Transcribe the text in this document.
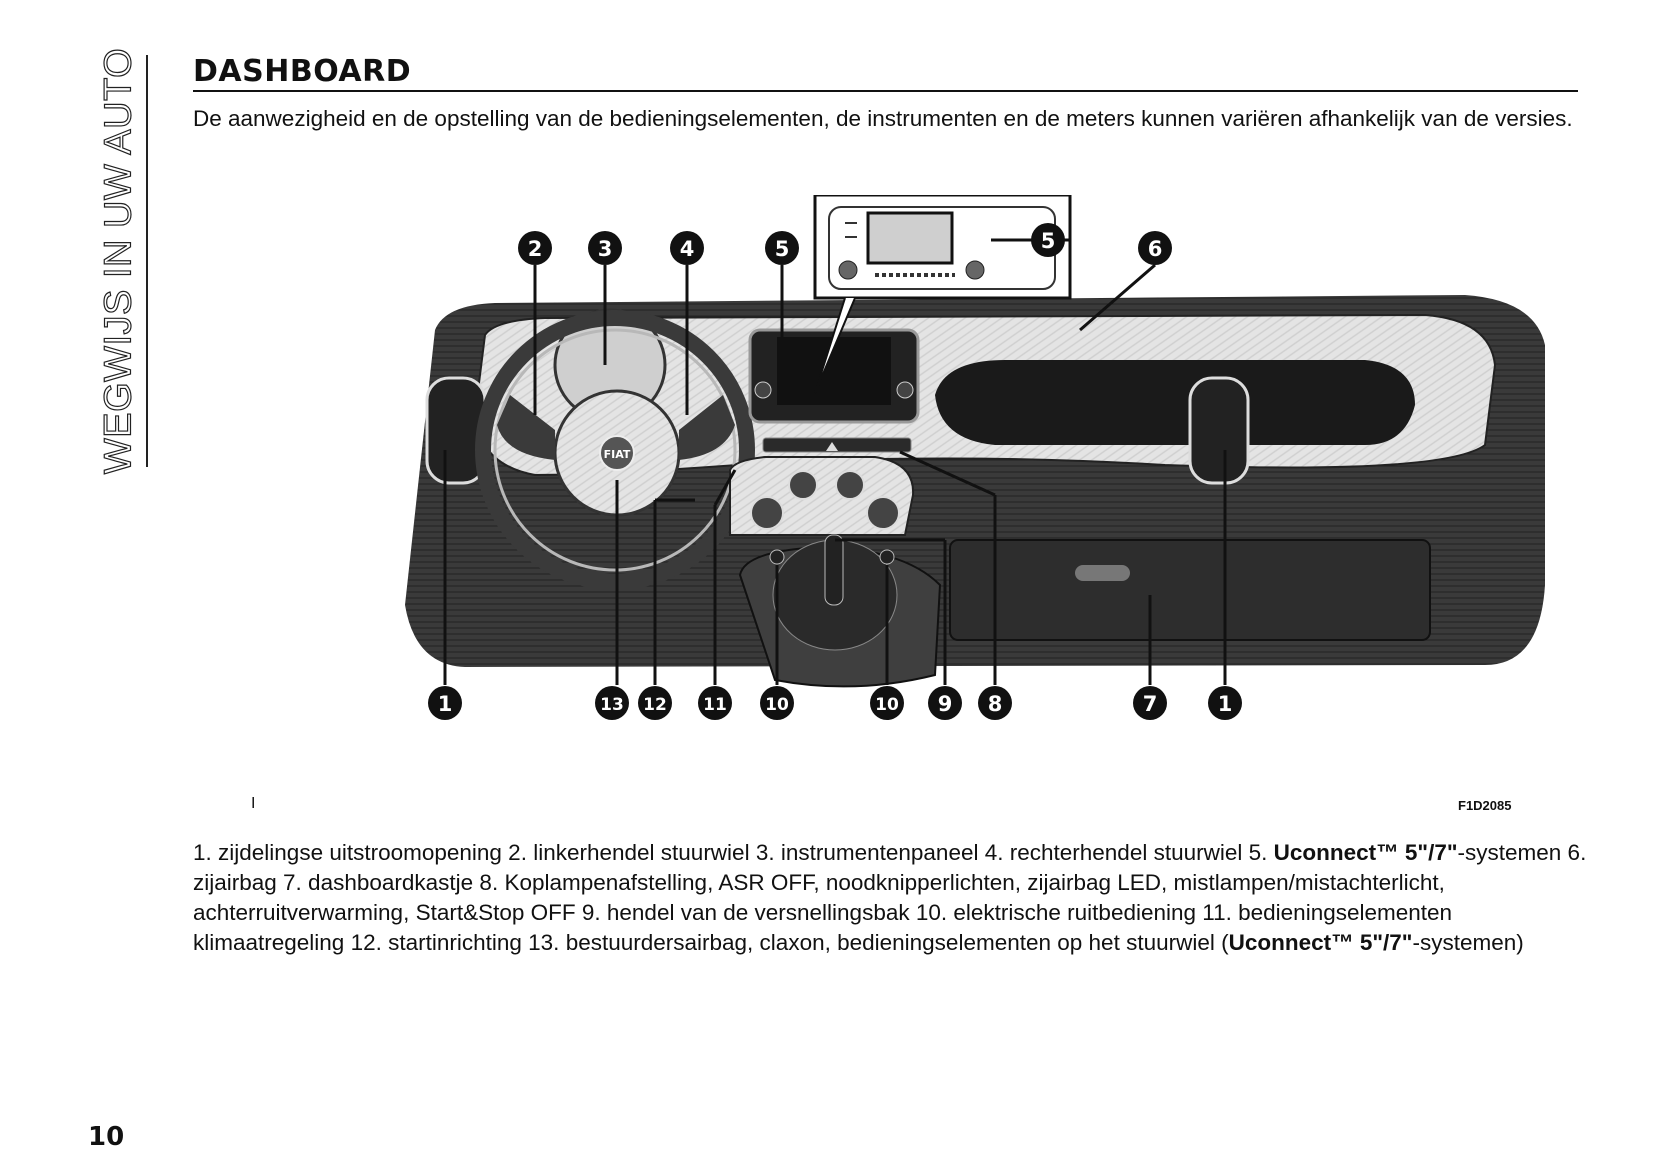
WEGWIJS IN UW AUTO DASHBOARD

De aanwezigheid en de opstelling van de bedieningselementen, de instrumenten en de meters kunnen variëren afhankelijk van de versies.

FIAT
1	1
2	3	4	5	5	6
7
8
9
10	10
11
12
13
I	F1D2085

1. zijdelingse uitstroomopening 2. linkerhendel stuurwiel 3. instrumentenpaneel 4. rechterhendel stuurwiel 5. Uconnect™ 5"/7"-systemen 6. zijairbag 7. dashboardkastje 8. Koplampenafstelling, ASR OFF, noodknipperlichten, zijairbag LED, mistlampen/mistachterlicht, achterruitverwarming, Start&Stop OFF 9. hendel van de versnellingsbak 10. elektrische ruitbediening 11. bedieningselementen klimaatregeling 12. startinrichting 13. bestuurdersairbag, claxon, bedieningselementen op het stuurwiel (Uconnect™ 5"/7"-systemen)

10
